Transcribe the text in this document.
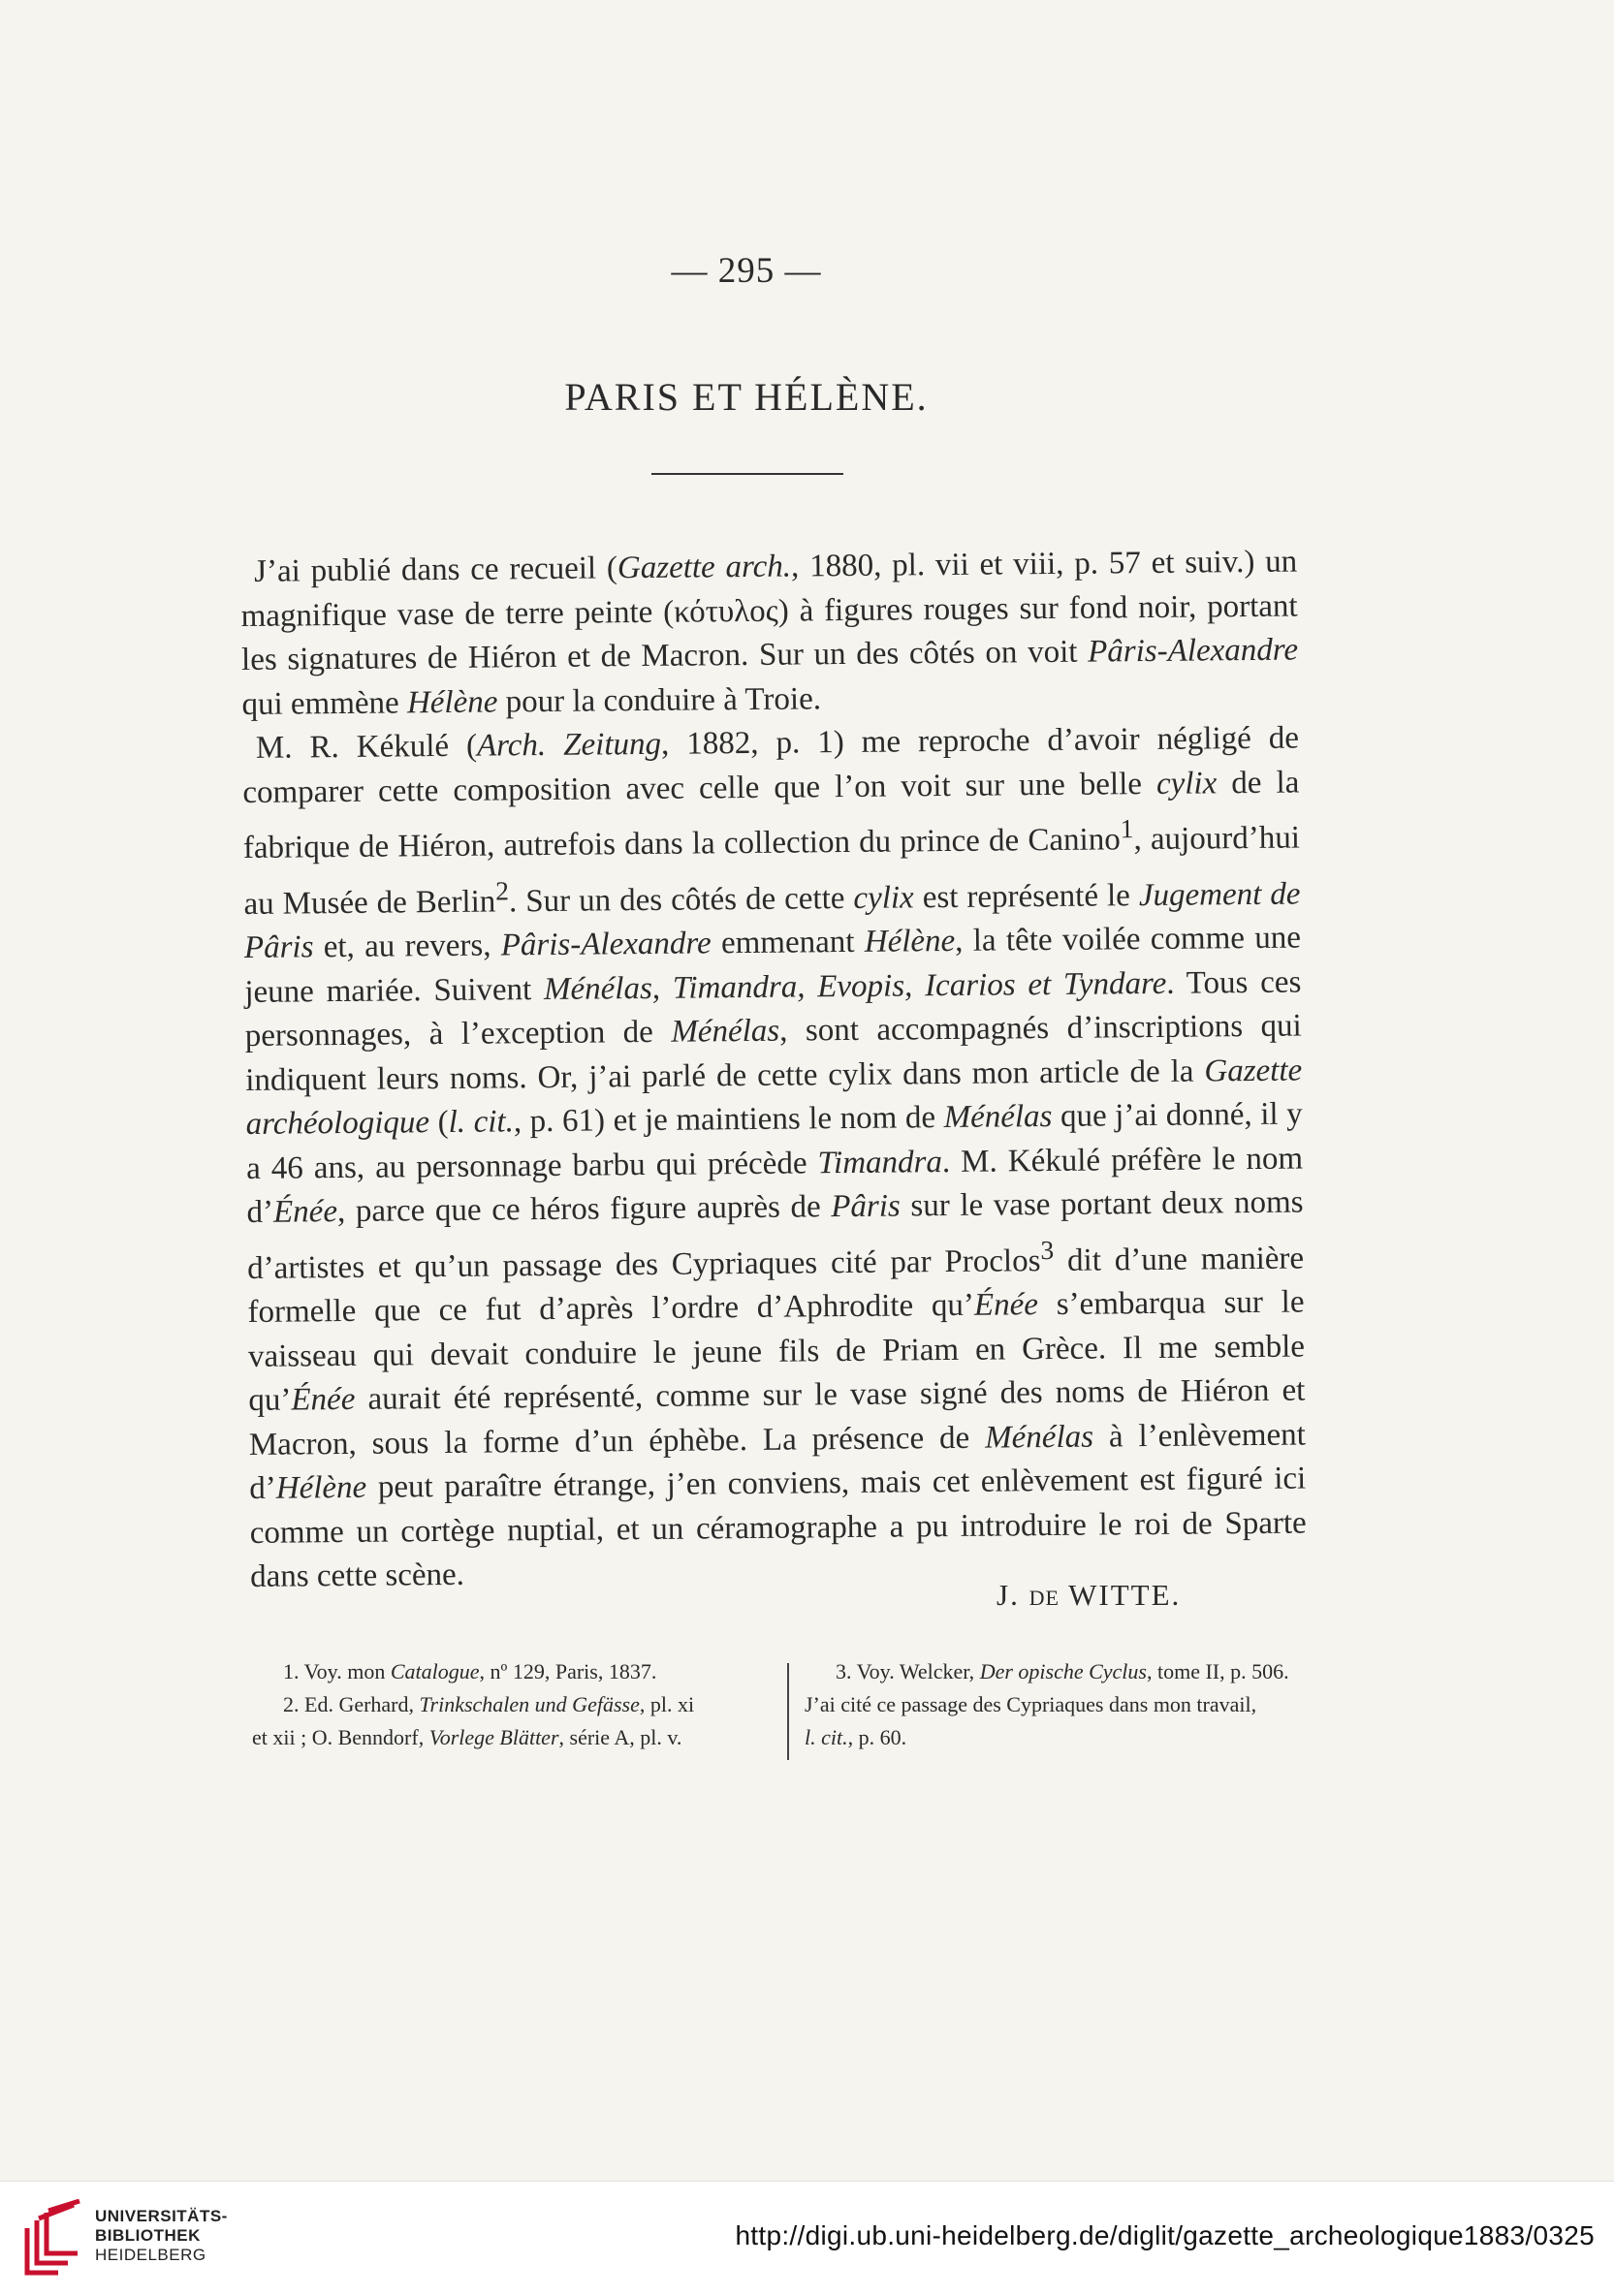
— 295 —
PARIS ET HÉLÈNE.

J’ai publié dans ce recueil (Gazette arch., 1880, pl. vii et viii, p. 57 et suiv.) un magnifique vase de terre peinte (κότυλος) à figures rouges sur fond noir, portant les signatures de Hiéron et de Macron. Sur un des côtés on voit Pâris-Alexandre qui emmène Hélène pour la conduire à Troie.

M. R. Kékulé (Arch. Zeitung, 1882, p. 1) me reproche d’avoir négligé de comparer cette composition avec celle que l’on voit sur une belle cylix de la fabrique de Hiéron, autrefois dans la collection du prince de Canino$^1$, aujourd’hui au Musée de Berlin$^2$. Sur un des côtés de cette cylix est représenté le Jugement de Pâris et, au revers, Pâris-Alexandre emmenant Hélène, la tête voilée comme une jeune mariée. Suivent Ménélas, Timandra, Evopis, Icarios et Tyndare. Tous ces personnages, à l’exception de Ménélas, sont accompagnés d’inscriptions qui indiquent leurs noms. Or, j’ai parlé de cette cylix dans mon article de la Gazette archéologique (l. cit., p. 61) et je maintiens le nom de Ménélas que j’ai donné, il y a 46 ans, au personnage barbu qui précède Timandra. M. Kékulé préfère le nom d’Énée, parce que ce héros figure auprès de Pâris sur le vase portant deux noms d’artistes et qu’un passage des Cypriaques cité par Proclos$^3$ dit d’une manière formelle que ce fut d’après l’ordre d’Aphrodite qu’Énée s’embarqua sur le vaisseau qui devait conduire le jeune fils de Priam en Grèce. Il me semble qu’Énée aurait été représenté, comme sur le vase signé des noms de Hiéron et Macron, sous la forme d’un éphèbe. La présence de Ménélas à l’enlèvement d’Hélène peut paraître étrange, j’en conviens, mais cet enlèvement est figuré ici comme un cortège nuptial, et un céramographe a pu introduire le roi de Sparte dans cette scène.

J. DE WITTE.
1. Voy. mon Catalogue, nº 129, Paris, 1837.
2. Ed. Gerhard, Trinkschalen und Gefässe, pl. xi
et xii ; O. Benndorf, Vorlege Blätter, série A, pl. v.
3. Voy. Welcker, Der opische Cyclus, tome II, p. 506.
J’ai cité ce passage des Cypriaques dans mon travail,
l. cit., p. 60.
UNIVERSITÄTS-
BIBLIOTHEK
HEIDELBERG
http://digi.ub.uni-heidelberg.de/diglit/gazette_archeologique1883/0325
